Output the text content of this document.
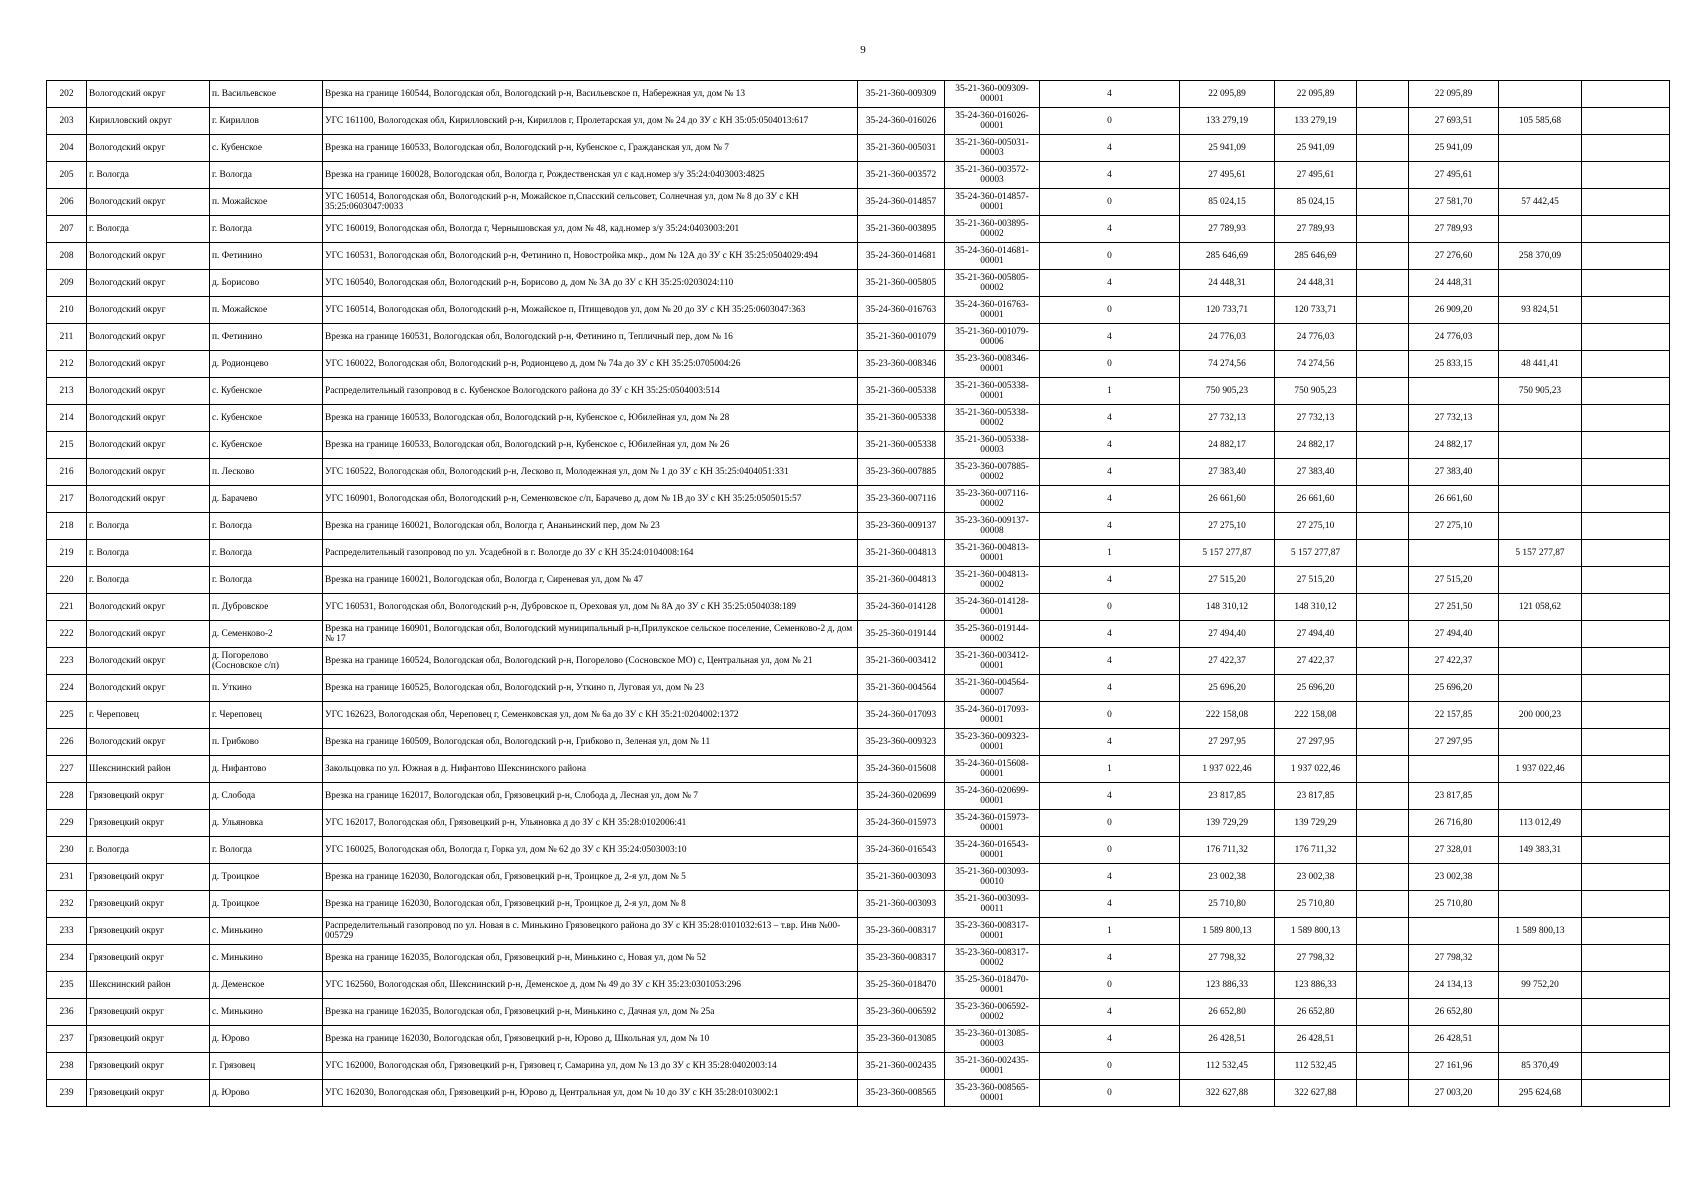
9
202	Вологодский округ	п. Васильевское	Врезка на границе 160544, Вологодская обл, Вологодский р-н, Васильевское п, Набережная ул, дом № 13	35-21-360-009309	35-21-360-009309-00001	4	22 095,89	22 095,89		22 095,89		
203	Кирилловский округ	г. Кириллов	УГС 161100, Вологодская обл, Кирилловский р-н, Кириллов г, Пролетарская ул, дом № 24 до ЗУ с КН 35:05:0504013:617	35-24-360-016026	35-24-360-016026-00001	0	133 279,19	133 279,19		27 693,51	105 585,68	
204	Вологодский округ	с. Кубенское	Врезка на границе 160533, Вологодская обл, Вологодский р-н, Кубенское с, Гражданская ул, дом № 7	35-21-360-005031	35-21-360-005031-00003	4	25 941,09	25 941,09		25 941,09		
205	г. Вологда	г. Вологда	Врезка на границе 160028, Вологодская обл, Вологда г, Рождественская ул с кад.номер з/у 35:24:0403003:4825	35-21-360-003572	35-21-360-003572-00003	4	27 495,61	27 495,61		27 495,61		
206	Вологодский округ	п. Можайское	УГС 160514, Вологодская обл, Вологодский р-н, Можайское п,Спасский сельсовет, Солнечная ул, дом № 8 до ЗУ с КН 35:25:0603047:0033	35-24-360-014857	35-24-360-014857-00001	0	85 024,15	85 024,15		27 581,70	57 442,45	
207	г. Вологда	г. Вологда	УГС 160019, Вологодская обл, Вологда г, Чернышовская ул, дом № 48, кад.номер з/у 35:24:0403003:201	35-21-360-003895	35-21-360-003895-00002	4	27 789,93	27 789,93		27 789,93		
208	Вологодский округ	п. Фетинино	УГС 160531, Вологодская обл, Вологодский р-н, Фетинино п, Новостройка мкр., дом № 12А до ЗУ с КН 35:25:0504029:494	35-24-360-014681	35-24-360-014681-00001	0	285 646,69	285 646,69		27 276,60	258 370,09	
209	Вологодский округ	д. Борисово	УГС 160540, Вологодская обл, Вологодский р-н, Борисово д, дом № 3А до ЗУ с КН 35:25:0203024:110	35-21-360-005805	35-21-360-005805-00002	4	24 448,31	24 448,31		24 448,31		
210	Вологодский округ	п. Можайское	УГС 160514, Вологодская обл, Вологодский р-н, Можайское п, Птищеводов ул, дом № 20 до ЗУ с КН 35:25:0603047:363	35-24-360-016763	35-24-360-016763-00001	0	120 733,71	120 733,71		26 909,20	93 824,51	
211	Вологодский округ	п. Фетинино	Врезка на границе 160531, Вологодская обл, Вологодский р-н, Фетинино п, Тепличный пер, дом № 16	35-21-360-001079	35-21-360-001079-00006	4	24 776,03	24 776,03		24 776,03		
212	Вологодский округ	д. Родионцево	УГС 160022, Вологодская обл, Вологодский р-н, Родионцево д, дом № 74а до ЗУ с КН 35:25:0705004:26	35-23-360-008346	35-23-360-008346-00001	0	74 274,56	74 274,56		25 833,15	48 441,41	
213	Вологодский округ	с. Кубенское	Распределительный газопровод в с. Кубенское Вологодского района до ЗУ с КН 35:25:0504003:514	35-21-360-005338	35-21-360-005338-00001	1	750 905,23	750 905,23			750 905,23	
214	Вологодский округ	с. Кубенское	Врезка на границе 160533, Вологодская обл, Вологодский р-н, Кубенское с, Юбилейная ул, дом № 28	35-21-360-005338	35-21-360-005338-00002	4	27 732,13	27 732,13		27 732,13		
215	Вологодский округ	с. Кубенское	Врезка на границе 160533, Вологодская обл, Вологодский р-н, Кубенское с, Юбилейная ул, дом № 26	35-21-360-005338	35-21-360-005338-00003	4	24 882,17	24 882,17		24 882,17		
216	Вологодский округ	п. Лесково	УГС 160522, Вологодская обл, Вологодский р-н, Лесково п, Молодежная ул, дом № 1 до ЗУ с КН 35:25:0404051:331	35-23-360-007885	35-23-360-007885-00002	4	27 383,40	27 383,40		27 383,40		
217	Вологодский округ	д. Барачево	УГС 160901, Вологодская обл, Вологодский р-н, Семенковское с/п, Барачево д, дом № 1В до ЗУ с КН 35:25:0505015:57	35-23-360-007116	35-23-360-007116-00002	4	26 661,60	26 661,60		26 661,60		
218	г. Вологда	г. Вологда	Врезка на границе 160021, Вологодская обл, Вологда г, Ананьинский пер, дом № 23	35-23-360-009137	35-23-360-009137-00008	4	27 275,10	27 275,10		27 275,10		
219	г. Вологда	г. Вологда	Распределительный газопровод по ул. Усадебной в г. Вологде до ЗУ с КН 35:24:0104008:164	35-21-360-004813	35-21-360-004813-00001	1	5 157 277,87	5 157 277,87			5 157 277,87	
220	г. Вологда	г. Вологда	Врезка на границе 160021, Вологодская обл, Вологда г, Сиреневая ул, дом № 47	35-21-360-004813	35-21-360-004813-00002	4	27 515,20	27 515,20		27 515,20		
221	Вологодский округ	п. Дубровское	УГС 160531, Вологодская обл, Вологодский р-н, Дубровское п, Ореховая ул, дом № 8А до ЗУ с КН 35:25:0504038:189	35-24-360-014128	35-24-360-014128-00001	0	148 310,12	148 310,12		27 251,50	121 058,62	
222	Вологодский округ	д. Семенково-2	Врезка на границе 160901, Вологодская обл, Вологодский муниципальный р-н,Прилукское сельское поселение, Семенково-2 д, дом № 17	35-25-360-019144	35-25-360-019144-00002	4	27 494,40	27 494,40		27 494,40		
223	Вологодский округ	д. Погорелово (Сосновское с/п)	Врезка на границе 160524, Вологодская обл, Вологодский р-н, Погорелово (Сосновское МО) с, Центральная ул, дом № 21	35-21-360-003412	35-21-360-003412-00001	4	27 422,37	27 422,37		27 422,37		
224	Вологодский округ	п. Уткино	Врезка на границе 160525, Вологодская обл, Вологодский р-н, Уткино п, Луговая ул, дом № 23	35-21-360-004564	35-21-360-004564-00007	4	25 696,20	25 696,20		25 696,20		
225	г. Череповец	г. Череповец	УГС 162623, Вологодская обл, Череповец г, Семенковская ул, дом № 6а до ЗУ с КН 35:21:0204002:1372	35-24-360-017093	35-24-360-017093-00001	0	222 158,08	222 158,08		22 157,85	200 000,23	
226	Вологодский округ	п. Грибково	Врезка на границе 160509, Вологодская обл, Вологодский р-н, Грибково п, Зеленая ул, дом № 11	35-23-360-009323	35-23-360-009323-00001	4	27 297,95	27 297,95		27 297,95		
227	Шекснинский район	д. Нифантово	Закольцовка по ул. Южная в д. Нифантово Шекснинского района	35-24-360-015608	35-24-360-015608-00001	1	1 937 022,46	1 937 022,46			1 937 022,46	
228	Грязовецкий округ	д. Слобода	Врезка на границе 162017, Вологодская обл, Грязовецкий р-н, Слобода д, Лесная ул, дом № 7	35-24-360-020699	35-24-360-020699-00001	4	23 817,85	23 817,85		23 817,85		
229	Грязовецкий округ	д. Ульяновка	УГС 162017, Вологодская обл, Грязовецкий р-н, Ульяновка д до ЗУ с КН 35:28:0102006:41	35-24-360-015973	35-24-360-015973-00001	0	139 729,29	139 729,29		26 716,80	113 012,49	
230	г. Вологда	г. Вологда	УГС 160025, Вологодская обл, Вологда г, Горка ул, дом № 62 до ЗУ с КН 35:24:0503003:10	35-24-360-016543	35-24-360-016543-00001	0	176 711,32	176 711,32		27 328,01	149 383,31	
231	Грязовецкий округ	д. Троицкое	Врезка на границе 162030, Вологодская обл, Грязовецкий р-н, Троицкое д, 2-я ул, дом № 5	35-21-360-003093	35-21-360-003093-00010	4	23 002,38	23 002,38		23 002,38		
232	Грязовецкий округ	д. Троицкое	Врезка на границе 162030, Вологодская обл, Грязовецкий р-н, Троицкое д, 2-я ул, дом № 8	35-21-360-003093	35-21-360-003093-00011	4	25 710,80	25 710,80		25 710,80		
233	Грязовецкий округ	с. Минькино	Распределительный газопровод по ул. Новая в с. Минькино Грязовецкого района до ЗУ с КН 35:28:0101032:613 – т.вр. Инв №00-005729	35-23-360-008317	35-23-360-008317-00001	1	1 589 800,13	1 589 800,13			1 589 800,13	
234	Грязовецкий округ	с. Минькино	Врезка на границе 162035, Вологодская обл, Грязовецкий р-н, Минькино с, Новая ул, дом № 52	35-23-360-008317	35-23-360-008317-00002	4	27 798,32	27 798,32		27 798,32		
235	Шекснинский район	д. Деменское	УГС 162560, Вологодская обл, Шекснинский р-н, Деменское д, дом № 49 до ЗУ с КН 35:23:0301053:296	35-25-360-018470	35-25-360-018470-00001	0	123 886,33	123 886,33		24 134,13	99 752,20	
236	Грязовецкий округ	с. Минькино	Врезка на границе 162035, Вологодская обл, Грязовецкий р-н, Минькино с, Дачная ул, дом № 25а	35-23-360-006592	35-23-360-006592-00002	4	26 652,80	26 652,80		26 652,80		
237	Грязовецкий округ	д. Юрово	Врезка на границе 162030, Вологодская обл, Грязовецкий р-н, Юрово д, Школьная ул, дом № 10	35-23-360-013085	35-23-360-013085-00003	4	26 428,51	26 428,51		26 428,51		
238	Грязовецкий округ	г. Грязовец	УГС 162000, Вологодская обл, Грязовецкий р-н, Грязовец г, Самарина ул, дом № 13 до ЗУ с КН 35:28:0402003:14	35-21-360-002435	35-21-360-002435-00001	0	112 532,45	112 532,45		27 161,96	85 370,49	
239	Грязовецкий округ	д. Юрово	УГС 162030, Вологодская обл, Грязовецкий р-н, Юрово д, Центральная ул, дом № 10 до ЗУ с КН 35:28:0103002:1	35-23-360-008565	35-23-360-008565-00001	0	322 627,88	322 627,88		27 003,20	295 624,68	
